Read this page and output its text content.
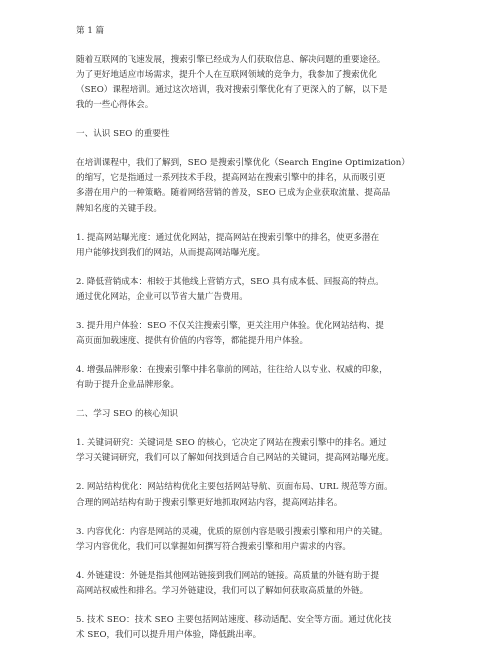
第 1 篇

随着互联网的飞速发展，搜索引擎已经成为人们获取信息、解决问题的重要途径。
为了更好地适应市场需求，提升个人在互联网领域的竞争力，我参加了搜索优化
（SEO）课程培训。通过这次培训，我对搜索引擎优化有了更深入的了解，以下是
我的一些心得体会。

一、认识 SEO 的重要性

在培训课程中，我们了解到，SEO 是搜索引擎优化（Search Engine Optimization）
的缩写，它是指通过一系列技术手段，提高网站在搜索引擎中的排名，从而吸引更
多潜在用户的一种策略。随着网络营销的普及，SEO 已成为企业获取流量、提高品
牌知名度的关键手段。

1. 提高网站曝光度：通过优化网站，提高网站在搜索引擎中的排名，使更多潜在
用户能够找到我们的网站，从而提高网站曝光度。

2. 降低营销成本：相较于其他线上营销方式，SEO 具有成本低、回报高的特点。
通过优化网站，企业可以节省大量广告费用。

3. 提升用户体验：SEO 不仅关注搜索引擎，更关注用户体验。优化网站结构、提
高页面加载速度、提供有价值的内容等，都能提升用户体验。

4. 增强品牌形象：在搜索引擎中排名靠前的网站，往往给人以专业、权威的印象，
有助于提升企业品牌形象。

二、学习 SEO 的核心知识

1. 关键词研究：关键词是 SEO 的核心，它决定了网站在搜索引擎中的排名。通过
学习关键词研究，我们可以了解如何找到适合自己网站的关键词，提高网站曝光度。

2. 网站结构优化：网站结构优化主要包括网站导航、页面布局、URL 规范等方面。
合理的网站结构有助于搜索引擎更好地抓取网站内容，提高网站排名。

3. 内容优化：内容是网站的灵魂，优质的原创内容是吸引搜索引擎和用户的关键。
学习内容优化，我们可以掌握如何撰写符合搜索引擎和用户需求的内容。

4. 外链建设：外链是指其他网站链接到我们网站的链接。高质量的外链有助于提
高网站权威性和排名。学习外链建设，我们可以了解如何获取高质量的外链。

5. 技术 SEO：技术 SEO 主要包括网站速度、移动适配、安全等方面。通过优化技
术 SEO，我们可以提升用户体验，降低跳出率。
